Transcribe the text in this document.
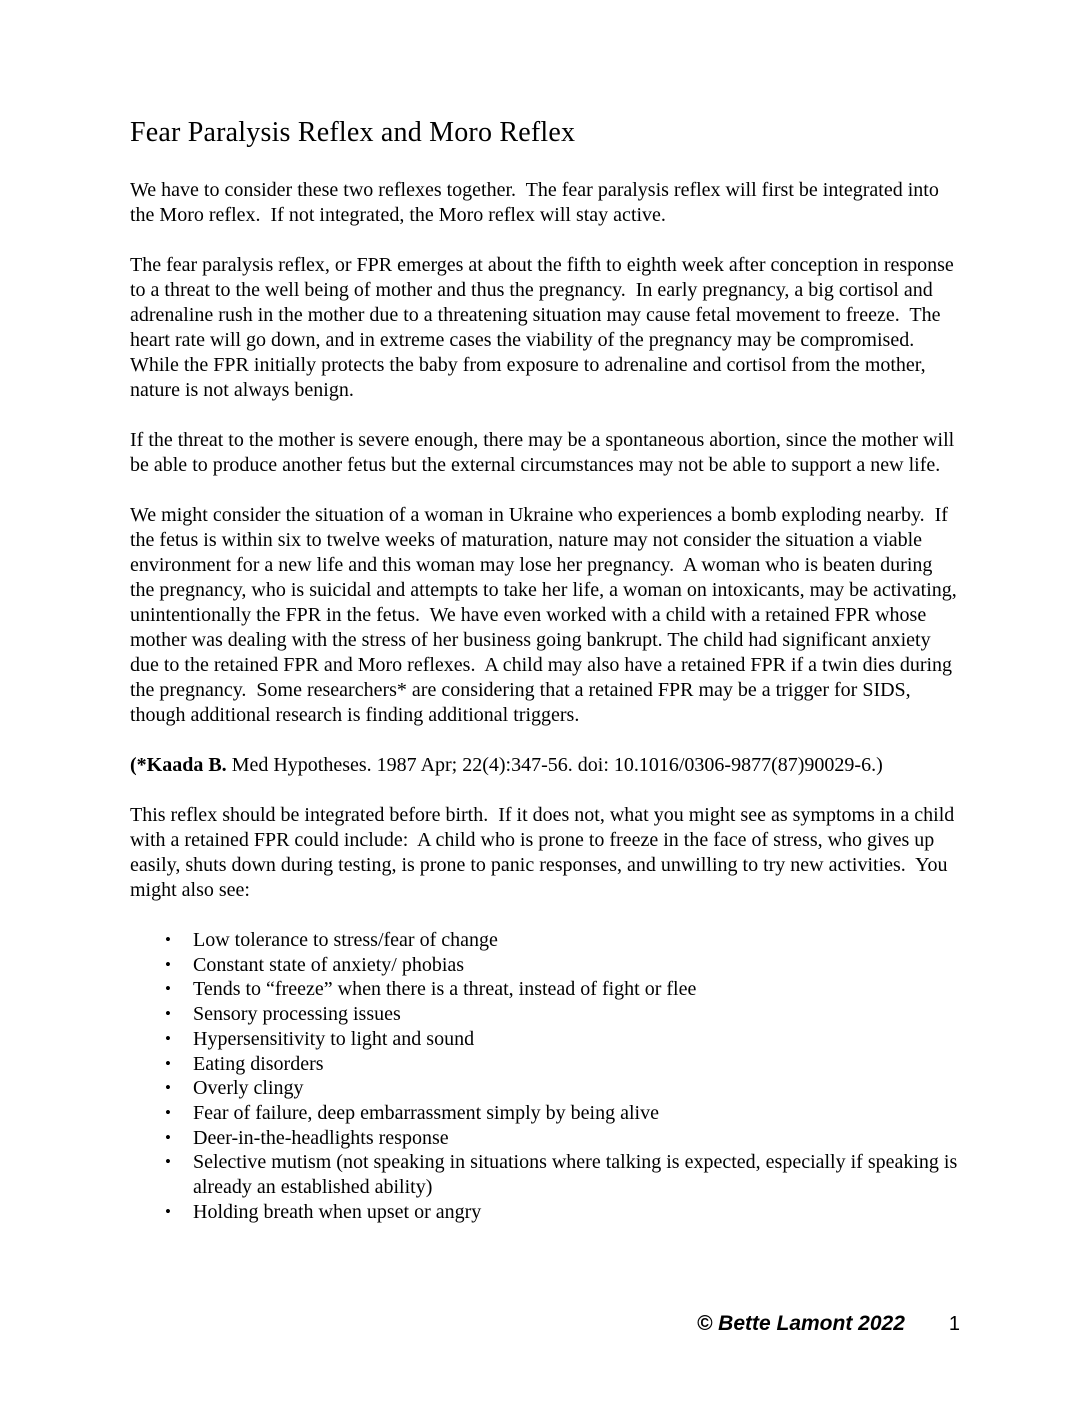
Fear Paralysis Reflex and Moro Reflex

We have to consider these two reflexes together.  The fear paralysis reflex will first be integrated into the Moro reflex.  If not integrated, the Moro reflex will stay active.

The fear paralysis reflex, or FPR emerges at about the fifth to eighth week after conception in response to a threat to the well being of mother and thus the pregnancy.  In early pregnancy, a big cortisol and adrenaline rush in the mother due to a threatening situation may cause fetal movement to freeze.  The heart rate will go down, and in extreme cases the viability of the pregnancy may be compromised.  While the FPR initially protects the baby from exposure to adrenaline and cortisol from the mother, nature is not always benign.

If the threat to the mother is severe enough, there may be a spontaneous abortion, since the mother will be able to produce another fetus but the external circumstances may not be able to support a new life.

We might consider the situation of a woman in Ukraine who experiences a bomb exploding nearby.  If the fetus is within six to twelve weeks of maturation, nature may not consider the situation a viable environment for a new life and this woman may lose her pregnancy.  A woman who is beaten during the pregnancy, who is suicidal and attempts to take her life, a woman on intoxicants, may be activating, unintentionally the FPR in the fetus.  We have even worked with a child with a retained FPR whose mother was dealing with the stress of her business going bankrupt. The child had significant anxiety due to the retained FPR and Moro reflexes.  A child may also have a retained FPR if a twin dies during the pregnancy.  Some researchers* are considering that a retained FPR may be a trigger for SIDS, though additional research is finding additional triggers.

(*Kaada B. Med Hypotheses. 1987 Apr; 22(4):347-56. doi: 10.1016/0306-9877(87)90029-6.)

This reflex should be integrated before birth.  If it does not, what you might see as symptoms in a child with a retained FPR could include:  A child who is prone to freeze in the face of stress, who gives up easily, shuts down during testing, is prone to panic responses, and unwilling to try new activities.  You might also see:

• Low tolerance to stress/fear of change
• Constant state of anxiety/ phobias
• Tends to “freeze” when there is a threat, instead of fight or flee
• Sensory processing issues
• Hypersensitivity to light and sound
• Eating disorders
• Overly clingy
• Fear of failure, deep embarrassment simply by being alive
• Deer-in-the-headlights response
• Selective mutism (not speaking in situations where talking is expected, especially if speaking is already an established ability)
• Holding breath when upset or angry
© Bette Lamont 2022 1
